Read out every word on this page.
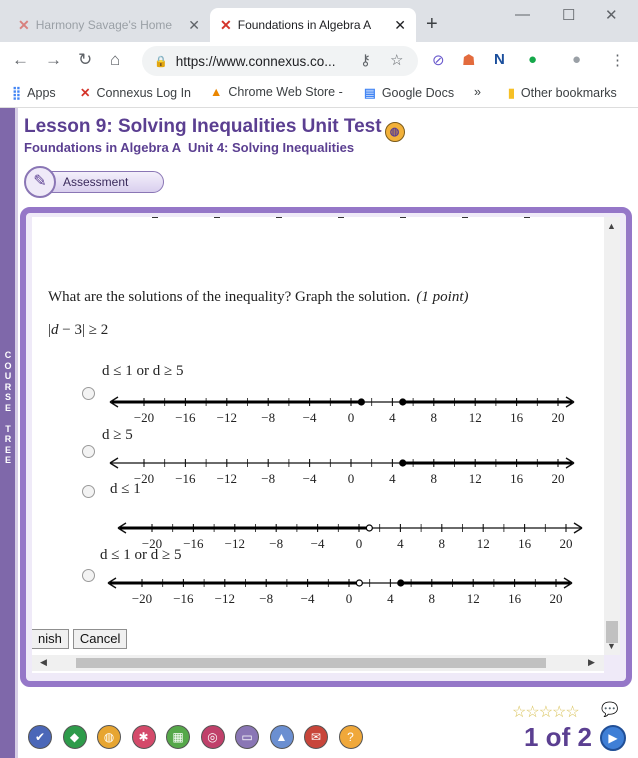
✕ Harmony Savage's Home	✕ ✕ Foundations in Algebra A	✕ +	— ☐ ✕
← → ↻ ⌂	🔒 https://www.connexus.co... ⚷ ☆ ⊘ ☗ N ● ● ⋮
⣿ Apps ✕ Connexus Log In ▲ Chrome Web Store - ▤ Google Docs » ▮ Other bookmarks
C
O
U
R
S
E

T
R
E
E
Lesson 9: Solving Inequalities Unit Test ◍
Foundations in Algebra A  Unit 4: Solving Inequalities
✎	Assessment
What are the solutions of the inequality? Graph the solution. (1 point)
|d − 3| ≥ 2
d ≤ 1 or d ≥ 5
−20 −16 −12 −8 −4 0	4	8 12 16 20
d ≥ 5
−20 −16 −12 −8 −4 0	4	8 12 16 20
d ≤ 1
−20 −16 −12 −8 −4 0	4	8 12 16 20
d ≤ 1 or d ≥ 5
−20 −16 −12 −8 −4 0	4	8 12 16 20
nish	Cancel
▲
▼
◀	▶
☆☆☆☆☆ 💬
✔	◆	◍	✱	▦	◎	▭	▲	✉	?	1 of 2	▶
